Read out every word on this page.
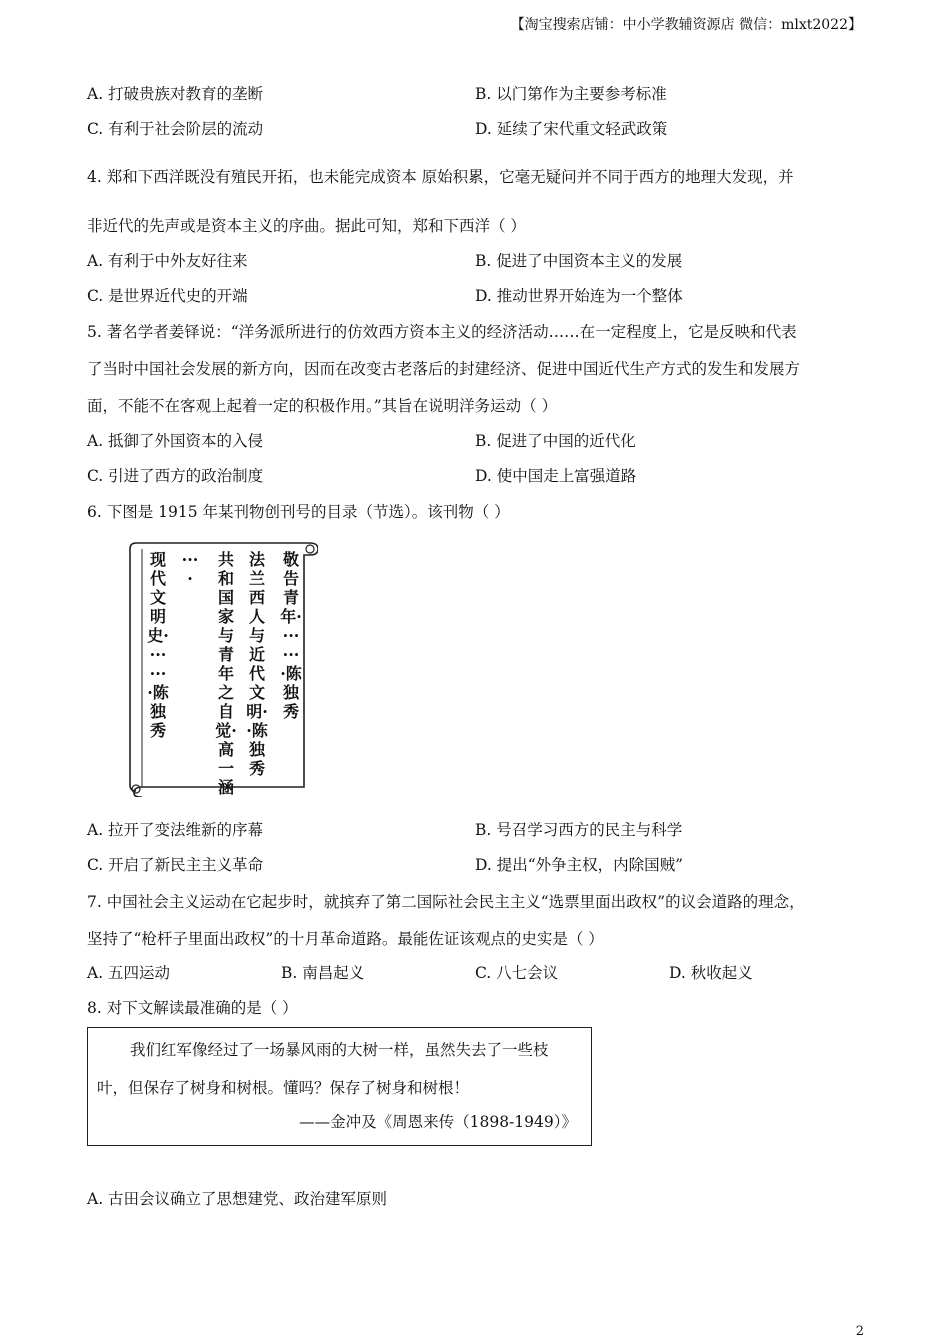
【淘宝搜索店铺：中小学教辅资源店 微信：mlxt2022】
A. 打破贵族对教育的垄断	B. 以门第作为主要参考标准
C. 有利于社会阶层的流动	D. 延续了宋代重文轻武政策
4. 郑和下西洋既没有殖民开拓，也未能完成资本 原始积累，它毫无疑问并不同于西方的地理大发现，并
非近代的先声或是资本主义的序曲。据此可知，郑和下西洋（ ）
A. 有利于中外友好往来	B. 促进了中国资本主义的发展
C. 是世界近代史的开端	D. 推动世界开始连为一个整体
5. 著名学者姜铎说：“洋务派所进行的仿效西方资本主义的经济活动……在一定程度上，它是反映和代表
了当时中国社会发展的新方向，因而在改变古老落后的封建经济、促进中国近代生产方式的发生和发展方
面，不能不在客观上起着一定的积极作用。”其旨在说明洋务运动（ ）
A. 抵御了外国资本的入侵	B. 促进了中国的近代化
C. 引进了西方的政治制度	D. 使中国走上富强道路
6. 下图是 1915 年某刊物创刊号的目录（节选）。该刊物（ ）
敬告青年········陈独秀
法兰西人与近代文明··陈独秀
共和国家与青年之自觉·高一涵
····
现代文明史········陈独秀
A. 拉开了变法维新的序幕	B. 号召学习西方的民主与科学
C. 开启了新民主主义革命	D. 提出“外争主权，内除国贼”
7. 中国社会主义运动在它起步时，就摈弃了第二国际社会民主主义“选票里面出政权”的议会道路的理念，
坚持了“枪杆子里面出政权”的十月革命道路。最能佐证该观点的史实是（ ）
A. 五四运动	B. 南昌起义	C. 八七会议	D. 秋收起义
8. 对下文解读最准确的是（ ）
我们红军像经过了一场暴风雨的大树一样，虽然失去了一些枝
叶，但保存了树身和树根。懂吗？保存了树身和树根！
——金冲及《周恩来传（1898-1949）》
A. 古田会议确立了思想建党、政治建军原则
2
